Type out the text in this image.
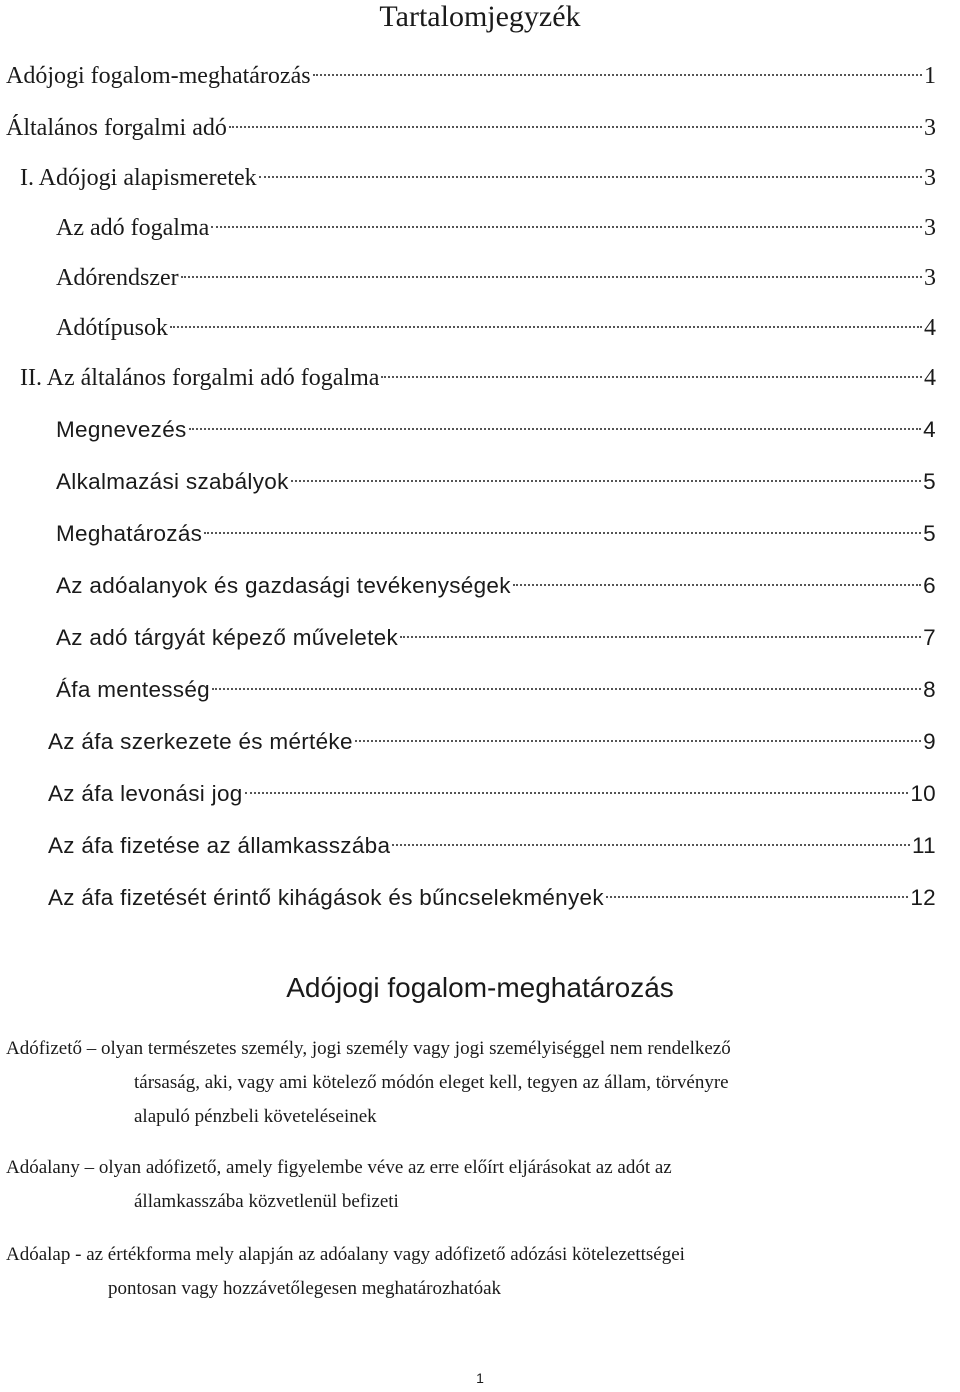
Tartalomjegyzék
Adójogi fogalom-meghatározás	1
Általános forgalmi adó	3
I. Adójogi alapismeretek	3
Az adó fogalma	3
Adórendszer	3
Adótípusok	4
II. Az általános forgalmi adó fogalma	4
Megnevezés	4
Alkalmazási szabályok	5
Meghatározás	5
Az adóalanyok és gazdasági tevékenységek	6
Az adó tárgyát képező műveletek	7
Áfa mentesség	8
Az áfa szerkezete és mértéke	9
Az áfa levonási jog	10
Az áfa fizetése az államkasszába	11
Az áfa fizetését érintő kihágások és bűncselekmények	12
Adójogi fogalom-meghatározás
Adófizető – olyan természetes személy, jogi személy vagy jogi személyiséggel nem rendelkező
társaság, aki, vagy ami kötelező módón eleget kell, tegyen az állam, törvényre
alapuló pénzbeli követeléseinek
Adóalany – olyan adófizető, amely figyelembe véve az erre előírt eljárásokat az adót az
államkasszába közvetlenül befizeti
Adóalap - az értékforma mely alapján az adóalany vagy adófizető adózási kötelezettségei
pontosan vagy hozzávetőlegesen meghatározhatóak
1
